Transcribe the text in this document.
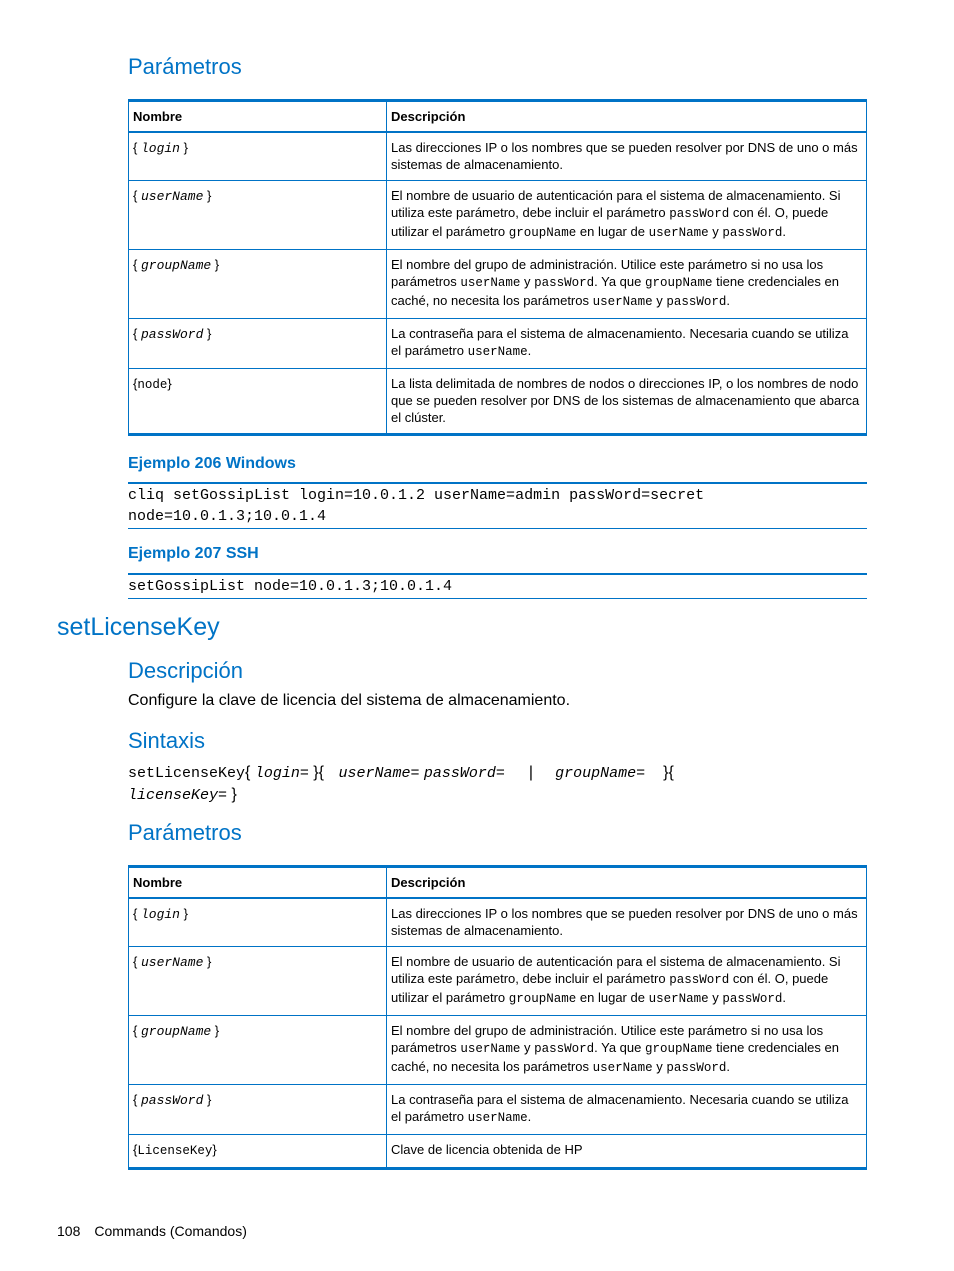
Parámetros
Nombre	Descripción
{ login }	Las direcciones IP o los nombres que se pueden resolver por DNS de uno o más sistemas de almacenamiento.
{ userName }	El nombre de usuario de autenticación para el sistema de almacenamiento. Si utiliza este parámetro, debe incluir el parámetro passWord con él. O, puede utilizar el parámetro groupName en lugar de userName y passWord.
{ groupName }	El nombre del grupo de administración. Utilice este parámetro si no usa los parámetros userName y passWord. Ya que groupName tiene credenciales en caché, no necesita los parámetros userName y passWord.
{ passWord }	La contraseña para el sistema de almacenamiento. Necesaria cuando se utiliza el parámetro userName.
{node}	La lista delimitada de nombres de nodos o direcciones IP, o los nombres de nodo que se pueden resolver por DNS de los sistemas de almacenamiento que abarca el clúster.
Ejemplo 206 Windows
cliq setGossipList login=10.0.1.2 userName=admin passWord=secret
node=10.0.1.3;10.0.1.4
Ejemplo 207 SSH
setGossipList node=10.0.1.3;10.0.1.4
setLicenseKey
Descripción
Configure la clave de licencia del sistema de almacenamiento.
Sintaxis
setLicenseKey{ login= }{ userName= passWord= | groupName= }{
licenseKey= }
Parámetros
Nombre	Descripción
{ login }	Las direcciones IP o los nombres que se pueden resolver por DNS de uno o más sistemas de almacenamiento.
{ userName }	El nombre de usuario de autenticación para el sistema de almacenamiento. Si utiliza este parámetro, debe incluir el parámetro passWord con él. O, puede utilizar el parámetro groupName en lugar de userName y passWord.
{ groupName }	El nombre del grupo de administración. Utilice este parámetro si no usa los parámetros userName y passWord. Ya que groupName tiene credenciales en caché, no necesita los parámetros userName y passWord.
{ passWord }	La contraseña para el sistema de almacenamiento. Necesaria cuando se utiliza el parámetro userName.
{LicenseKey}	Clave de licencia obtenida de HP
108 Commands (Comandos)
